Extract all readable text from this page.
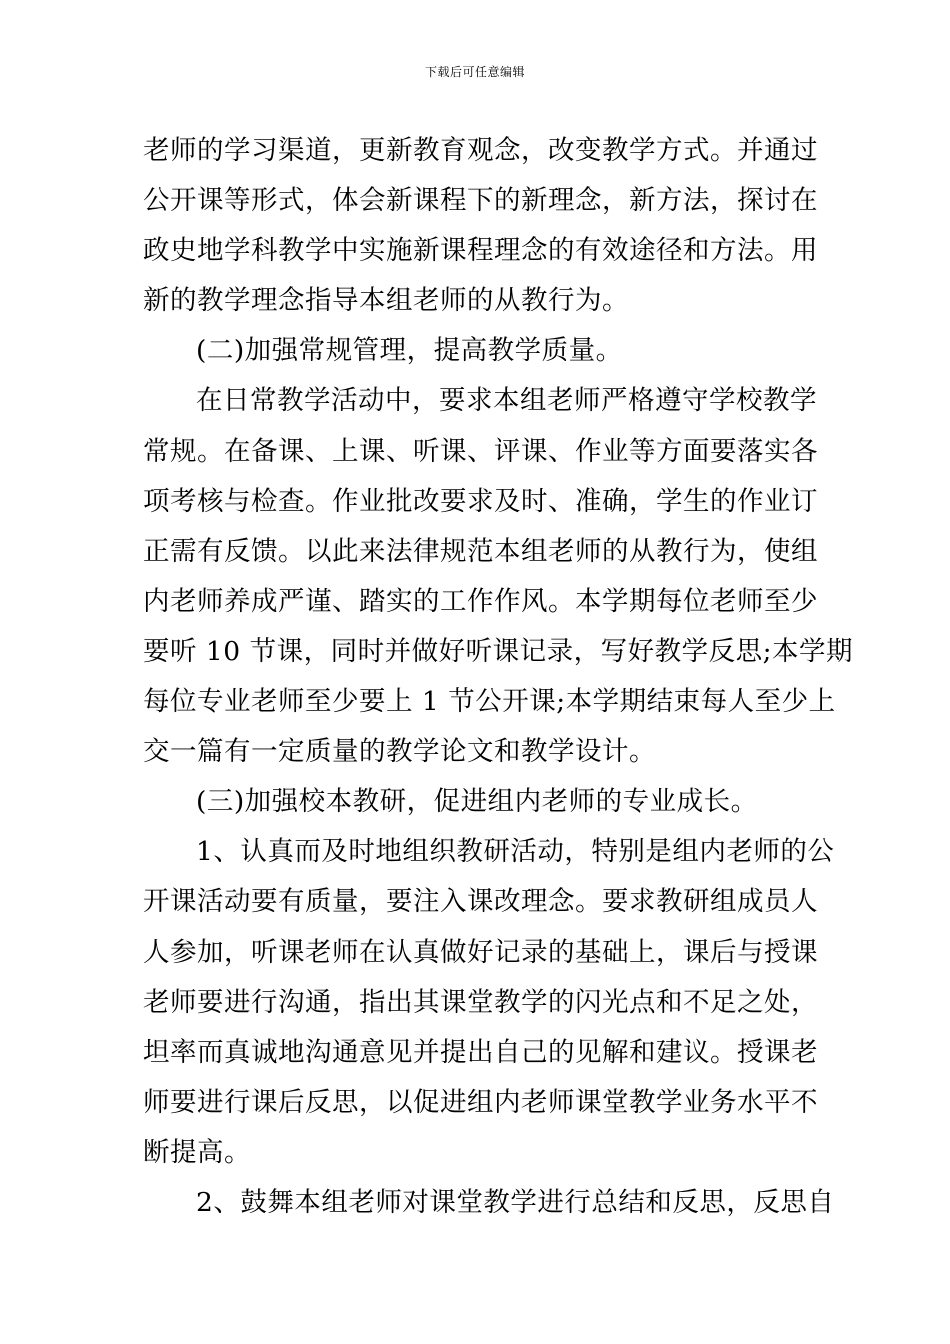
下载后可任意编辑
老师的学习渠道，更新教育观念，改变教学方式。并通过
公开课等形式，体会新课程下的新理念，新方法，探讨在
政史地学科教学中实施新课程理念的有效途径和方法。用
新的教学理念指导本组老师的从教行为。
(二)加强常规管理，提高教学质量。
在日常教学活动中，要求本组老师严格遵守学校教学
常规。在备课、上课、听课、评课、作业等方面要落实各
项考核与检查。作业批改要求及时、准确，学生的作业订
正需有反馈。以此来法律规范本组老师的从教行为，使组
内老师养成严谨、踏实的工作作风。本学期每位老师至少
要听 10 节课，同时并做好听课记录，写好教学反思;本学期
每位专业老师至少要上 1 节公开课;本学期结束每人至少上
交一篇有一定质量的教学论文和教学设计。
(三)加强校本教研，促进组内老师的专业成长。
1、认真而及时地组织教研活动，特别是组内老师的公
开课活动要有质量，要注入课改理念。要求教研组成员人
人参加，听课老师在认真做好记录的基础上，课后与授课
老师要进行沟通，指出其课堂教学的闪光点和不足之处，
坦率而真诚地沟通意见并提出自己的见解和建议。授课老
师要进行课后反思，以促进组内老师课堂教学业务水平不
断提高。
2、鼓舞本组老师对课堂教学进行总结和反思，反思自
